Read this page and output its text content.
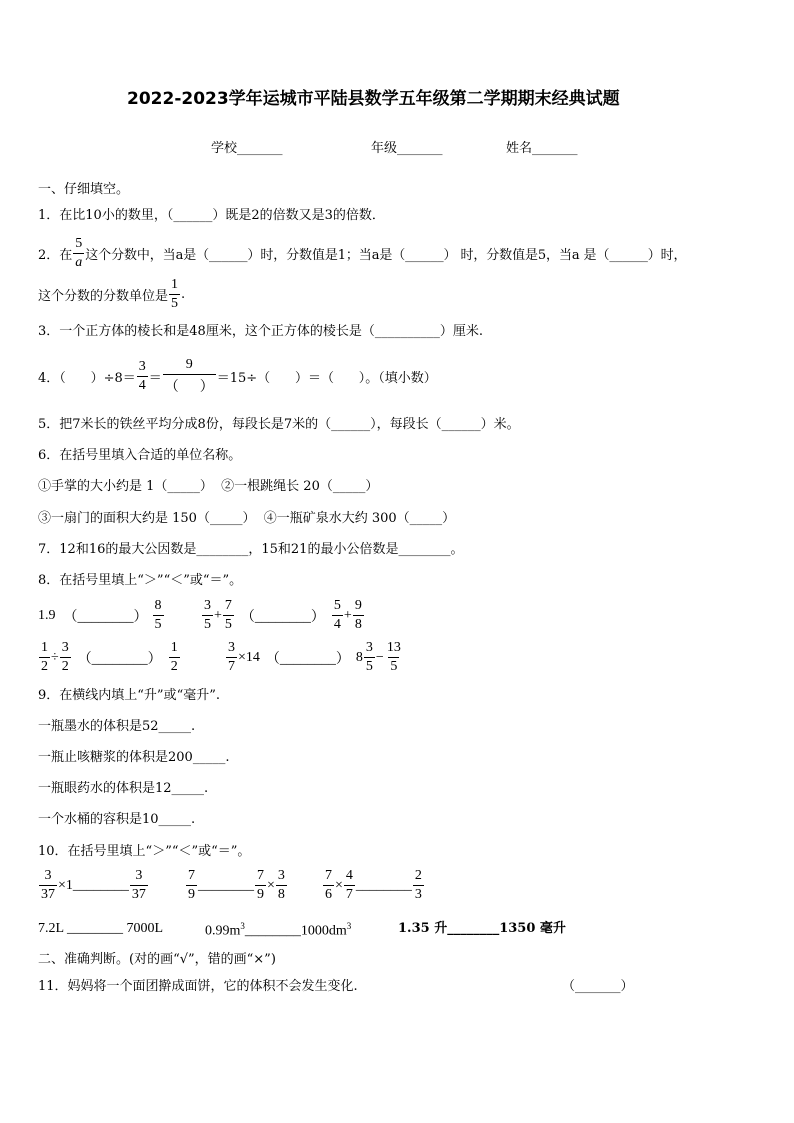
2022-2023学年运城市平陆县数学五年级第二学期期末经典试题
学校_______	年级_______	姓名_______
一、仔细填空。
1．在比10小的数里，（______）既是2的倍数又是3的倍数．
2．在 $\frac{5}{a}$ 这个分数中，当a是（______）时，分数值是1；当a是（______） 时，分数值是5，当a 是（______）时，
这个分数的分数单位是 $\frac{1}{5}$ .
3．一个正方体的棱长和是48厘米，这个正方体的棱长是（__________）厘米.
4．（      ）$\div 8= \frac{3}{4} = \frac{9}{( )} =15\div$（      ）＝（      ）。（填小数）
5．把7米长的铁丝平均分成8份，每段长是7米的（______），每段长（______）米。
6．在括号里填入合适的单位名称。
①手掌的大小约是 1（_____）  ②一根跳绳长 20（_____）
③一扇门的面积大约是 150（_____）  ④一瓶矿泉水大约 300（_____）
7．12和16的最大公因数是________，15和21的最小公倍数是________。
8．在括号里填上“＞”“＜”或“＝”。
1.9 （________） $\frac{8}{5}$	$\frac{3}{5} + \frac{7}{5}$ （________） $\frac{5}{4} + \frac{9}{8}$
$\frac{1}{2} \div \frac{3}{2}$ （________） $\frac{1}{2}$	$\frac{3}{7} \times 14$ （________） $8 \frac{3}{5} - \frac{13}{5}$
9．在横线内填上“升”或“毫升”.
一瓶墨水的体积是52_____.
一瓶止咳糖浆的体积是200_____.
一瓶眼药水的体积是12_____.
一个水桶的容积是10_____.
10．在括号里填上“＞”“＜”或“＝”。
$\frac{3}{37} \times 1$ ________ $\frac{3}{37}$	$\frac{7}{9}$ ________ $\frac{7}{9} \times \frac{3}{8}$	$\frac{7}{6} \times \frac{4}{7}$ ________ $\frac{2}{3}$
7.2L ________ 7000L	$0.99m^3\_\_\_\_\_\_\_\_1000dm^3$	1.35 升________1350 毫升
二、准确判断。(对的画“√”，错的画“×”)
11．妈妈将一个面团擀成面饼，它的体积不会发生变化.	（_______）
